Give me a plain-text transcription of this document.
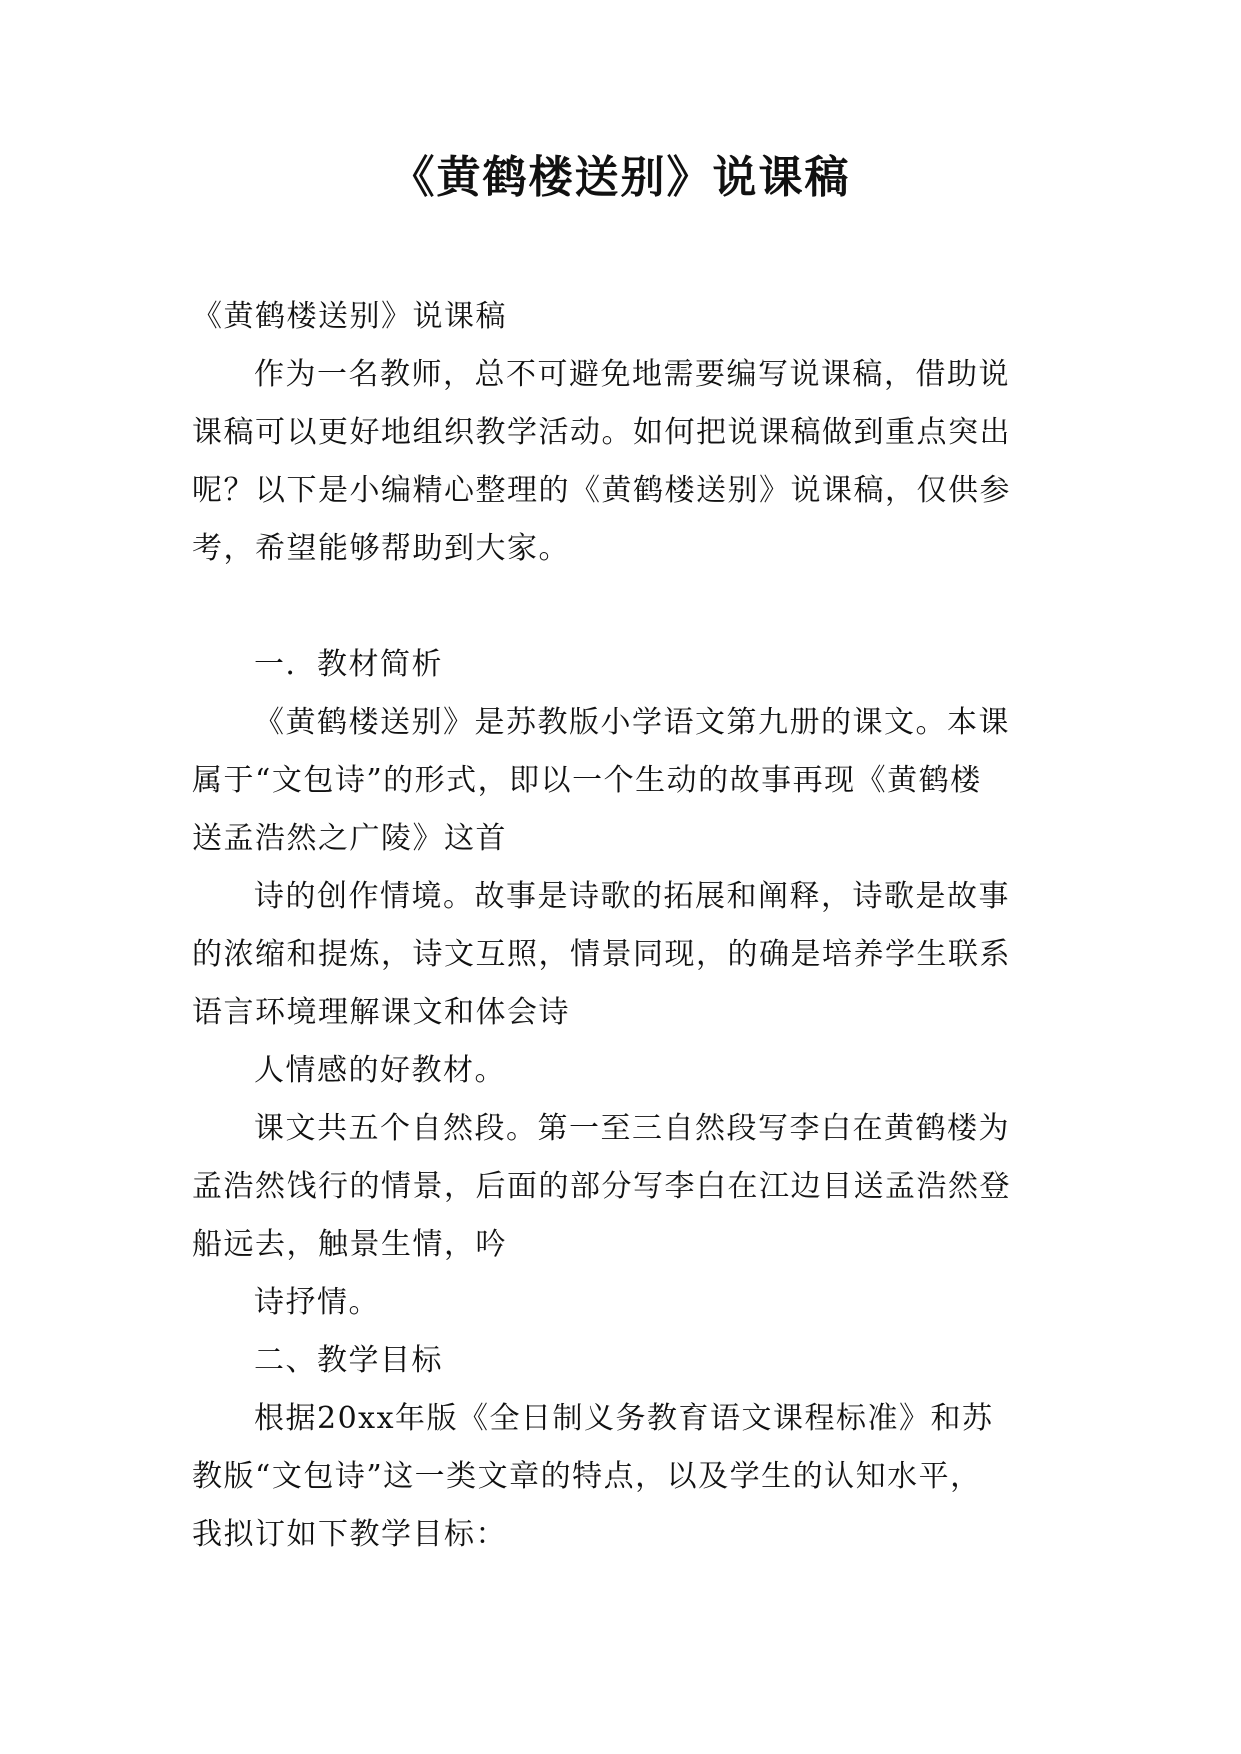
《黄鹤楼送别》说课稿
《黄鹤楼送别》说课稿
作为一名教师，总不可避免地需要编写说课稿，借助说
课稿可以更好地组织教学活动。如何把说课稿做到重点突出
呢？以下是小编精心整理的《黄鹤楼送别》说课稿，仅供参
考，希望能够帮助到大家。
一．教材简析
《黄鹤楼送别》是苏教版小学语文第九册的课文。本课
属于“文包诗”的形式，即以一个生动的故事再现《黄鹤楼
送孟浩然之广陵》这首
诗的创作情境。故事是诗歌的拓展和阐释，诗歌是故事
的浓缩和提炼，诗文互照，情景同现，的确是培养学生联系
语言环境理解课文和体会诗
人情感的好教材。
课文共五个自然段。第一至三自然段写李白在黄鹤楼为
孟浩然饯行的情景，后面的部分写李白在江边目送孟浩然登
船远去，触景生情，吟
诗抒情。
二、教学目标
根据20xx年版《全日制义务教育语文课程标准》和苏
教版“文包诗”这一类文章的特点，以及学生的认知水平，
我拟订如下教学目标：
